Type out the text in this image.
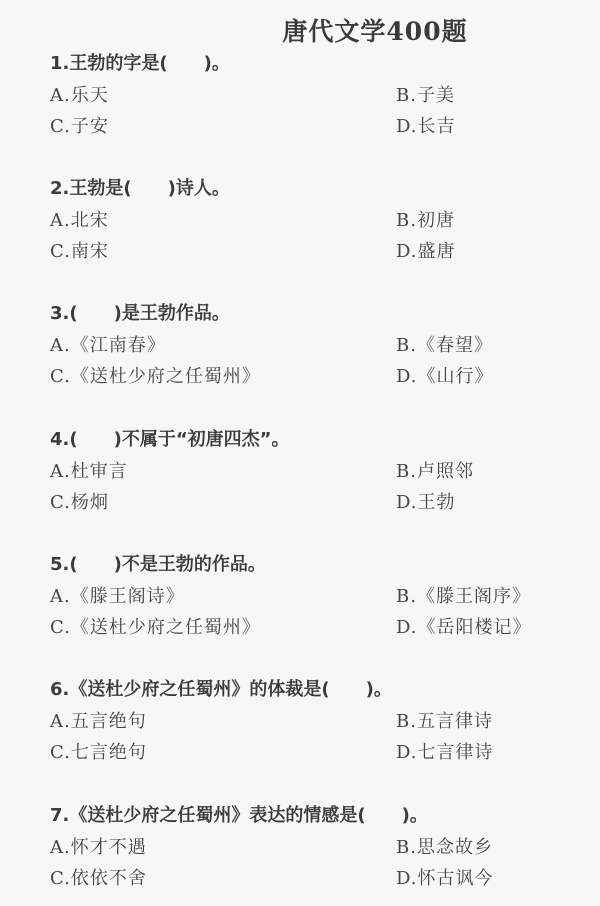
唐代文学400题
1.王勃的字是(　　)。
A.乐天	B.子美
C.子安	D.长吉
2.王勃是(　　)诗人。
A.北宋	B.初唐
C.南宋	D.盛唐
3.(　　)是王勃作品。
A.《江南春》	B.《春望》
C.《送杜少府之任蜀州》	D.《山行》
4.(　　)不属于“初唐四杰”。
A.杜审言	B.卢照邻
C.杨炯	D.王勃
5.(　　)不是王勃的作品。
A.《滕王阁诗》	B.《滕王阁序》
C.《送杜少府之任蜀州》	D.《岳阳楼记》
6.《送杜少府之任蜀州》的体裁是(　　)。
A.五言绝句	B.五言律诗
C.七言绝句	D.七言律诗
7.《送杜少府之任蜀州》表达的情感是(　　)。
A.怀才不遇	B.思念故乡
C.依依不舍	D.怀古讽今
